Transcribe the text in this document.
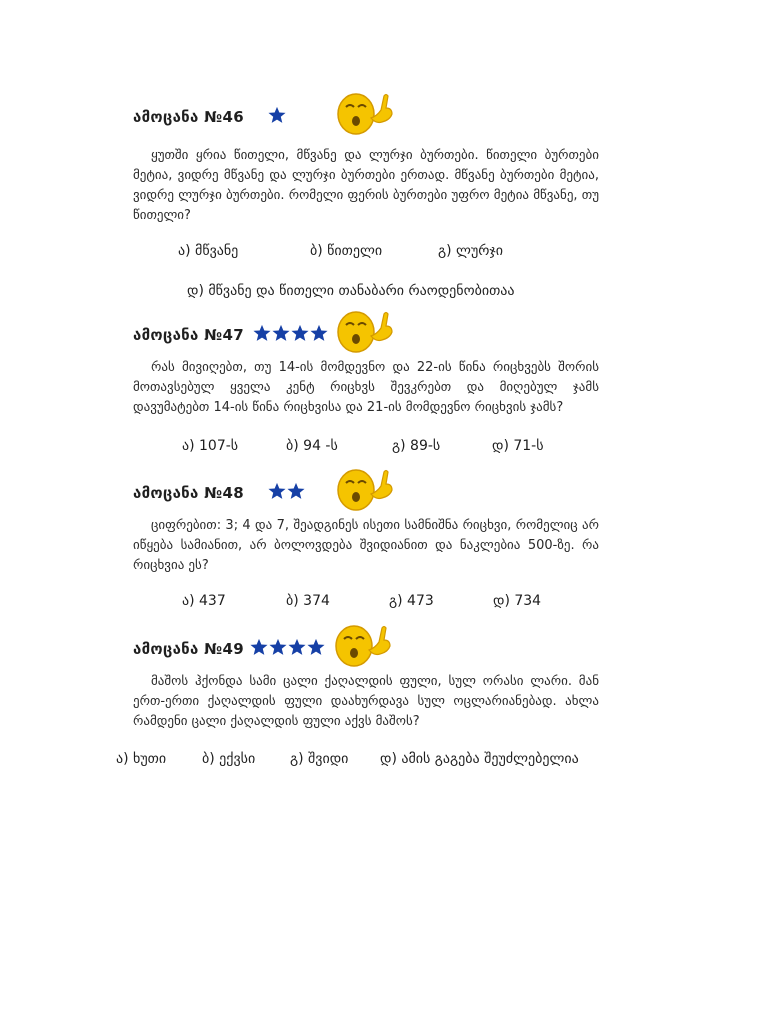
ამოცანა №46
ყუთში ყრია წითელი, მწვანე და ლურჯი ბურთები. წითელი ბურთები მეტია, ვიდრე მწვანე და ლურჯი ბურთები ერთად. მწვანე ბურთები მეტია, ვიდრე ლურჯი ბურთები. რომელი ფერის ბურთები უფრო მეტია მწვანე, თუ წითელი?
ა) მწვანე	ბ) წითელი	გ) ლურჯი
დ) მწვანე და წითელი თანაბარი რაოდენობითაა
ამოცანა №47
რას მივიღებთ, თუ 14-ის მომდევნო და 22-ის წინა რიცხვებს შორის მოთავსებულ ყველა კენტ რიცხვს შევკრებთ და მიღებულ ჯამს დავუმატებთ 14-ის წინა რიცხვისა და 21-ის მომდევნო რიცხვის ჯამს?
ა) 107-ს	ბ) 94 -ს	გ) 89-ს	დ) 71-ს
ამოცანა №48
ციფრებით: 3; 4 და 7, შეადგინეს ისეთი სამნიშნა რიცხვი, რომელიც არ იწყება სამიანით, არ ბოლოვდება შვიდიანით და ნაკლებია 500-ზე. რა რიცხვია ეს?
ა) 437	ბ) 374	გ) 473	დ) 734
ამოცანა №49
მაშოს ჰქონდა სამი ცალი ქაღალდის ფული, სულ ორასი ლარი. მან ერთ-ერთი ქაღალდის ფული დაახურდავა სულ ოცლარიანებად. ახლა რამდენი ცალი ქაღალდის ფული აქვს მაშოს?
ა) ხუთი	ბ) ექვსი გ) შვიდი დ) ამის გაგება შეუძლებელია
